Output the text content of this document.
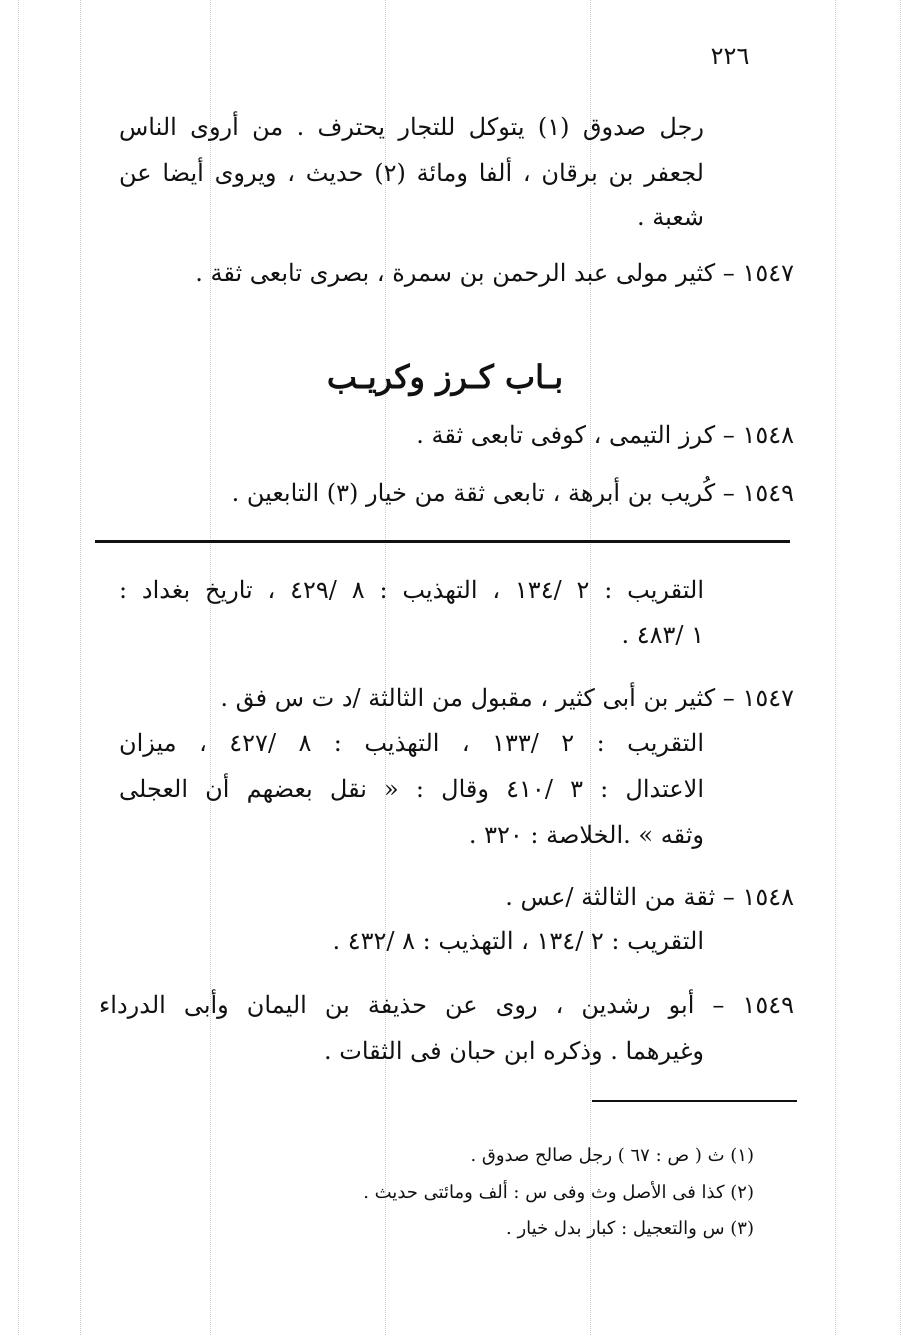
٢٢٦
رجل صدوق (١) يتوكل للتجار يحترف . من أروى الناس
لجعفر بن برقان ، ألفا ومائة (٢) حديث ، ويروى أيضا عن
شعبة .
١٥٤٧ – كثير مولى عبد الرحمن بن سمرة ، بصرى تابعى ثقة .
بـاب كـرز وكريـب
١٥٤٨ – كرز التيمى ، كوفى تابعى ثقة .
١٥٤٩ – كُريب بن أبرهة ، تابعى ثقة من خيار (٣) التابعين .
التقريب : ٢ /١٣٤ ، التهذيب : ٨ /٤٢٩ ، تاريخ بغداد :
١ /٤٨٣ .
١٥٤٧ – كثير بن أبى كثير ، مقبول من الثالثة /د ت س فق .
التقريب : ٢ /١٣٣ ، التهذيب : ٨ /٤٢٧ ، ميزان
الاعتدال : ٣ /٤١٠ وقال : « نقل بعضهم أن العجلى
وثقه » .الخلاصة : ٣٢٠ .
١٥٤٨ – ثقة من الثالثة /عس .
التقريب : ٢ /١٣٤ ، التهذيب : ٨ /٤٣٢ .
١٥٤٩ – أبو رشدين ، روى عن حذيفة بن اليمان وأبى الدرداء
وغيرهما . وذكره ابن حبان فى الثقات .
(١) ث ( ص : ٦٧ ) رجل صالح صدوق .
(٢) كذا فى الأصل وث وفى س : ألف ومائتى حديث .
(٣) س والتعجيل : كبار بدل خيار .
